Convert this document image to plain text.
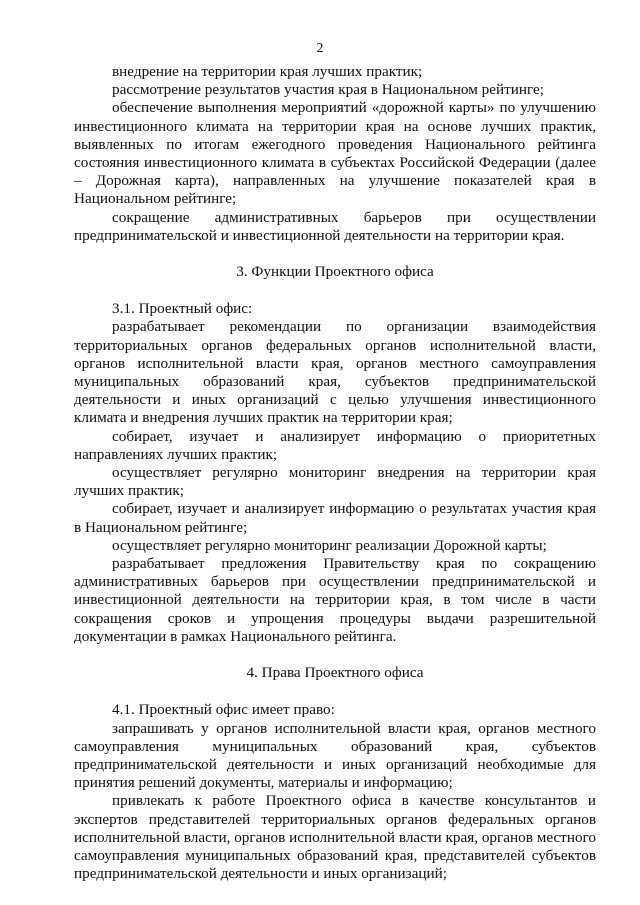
2

внедрение на территории края лучших практик;

рассмотрение результатов участия края в Национальном рейтинге;

обеспечение выполнения мероприятий «дорожной карты» по улучшению инвестиционного климата на территории края на основе лучших практик, выявленных по итогам ежегодного проведения Национального рейтинга состояния инвестиционного климата в субъектах Российской Федерации (далее – Дорожная карта), направленных на улучшение показателей края в Национальном рейтинге;

сокращение административных барьеров при осуществлении предпринимательской и инвестиционной деятельности на территории края.

3. Функции Проектного офиса

3.1. Проектный офис:

разрабатывает рекомендации по организации взаимодействия территориальных органов федеральных органов исполнительной власти, органов исполнительной власти края, органов местного самоуправления муниципальных образований края, субъектов предпринимательской деятельности и иных организаций с целью улучшения инвестиционного климата и внедрения лучших практик на территории края;

собирает, изучает и анализирует информацию о приоритетных направлениях лучших практик;

осуществляет регулярно мониторинг внедрения на территории края лучших практик;

собирает, изучает и анализирует информацию о результатах участия края в Национальном рейтинге;

осуществляет регулярно мониторинг реализации Дорожной карты;

разрабатывает предложения Правительству края по сокращению административных барьеров при осуществлении предпринимательской и инвестиционной деятельности на территории края, в том числе в части сокращения сроков и упрощения процедуры выдачи разрешительной документации в рамках Национального рейтинга.

4. Права Проектного офиса

4.1. Проектный офис имеет право:

запрашивать у органов исполнительной власти края, органов местного самоуправления муниципальных образований края, субъектов предпринимательской деятельности и иных организаций необходимые для принятия решений документы, материалы и информацию;

привлекать к работе Проектного офиса в качестве консультантов и экспертов представителей территориальных органов федеральных органов исполнительной власти, органов исполнительной власти края, органов местного самоуправления муниципальных образований края, представителей субъектов предпринимательской деятельности и иных организаций;
